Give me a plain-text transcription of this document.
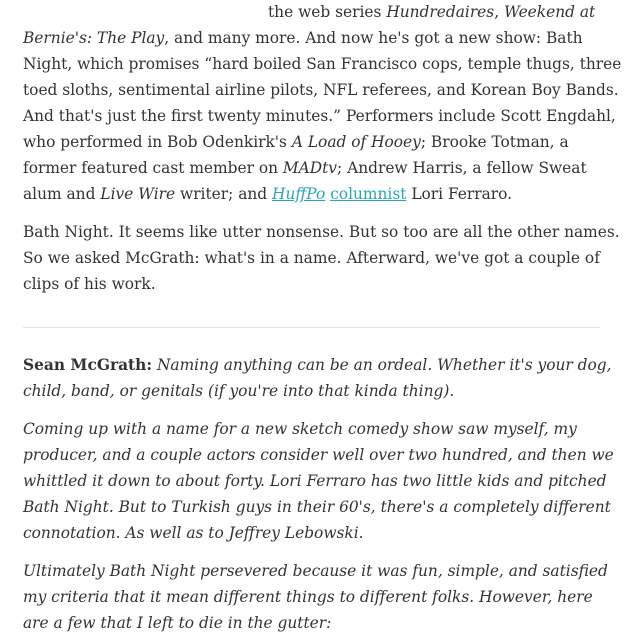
the web series Hundredaires, Weekend at Bernie's: The Play, and many more. And now he's got a new show: Bath Night, which promises “hard boiled San Francisco cops, temple thugs, three toed sloths, sentimental airline pilots, NFL referees, and Korean Boy Bands. And that's just the first twenty minutes.” Performers include Scott Engdahl, who performed in Bob Odenkirk's A Load of Hooey; Brooke Totman, a former featured cast member on MADtv; Andrew Harris, a fellow Sweat alum and Live Wire writer; and HuffPo columnist Lori Ferraro.

Bath Night. It seems like utter nonsense. But so too are all the other names. So we asked McGrath: what's in a name. Afterward, we've got a couple of clips of his work.

Sean McGrath: Naming anything can be an ordeal. Whether it's your dog, child, band, or genitals (if you're into that kinda thing).

Coming up with a name for a new sketch comedy show saw myself, my producer, and a couple actors consider well over two hundred, and then we whittled it down to about forty. Lori Ferraro has two little kids and pitched Bath Night. But to Turkish guys in their 60's, there's a completely different connotation. As well as to Jeffrey Lebowski.

Ultimately Bath Night persevered because it was fun, simple, and satisfied my criteria that it mean different things to different folks. However, here are a few that I left to die in the gutter:
